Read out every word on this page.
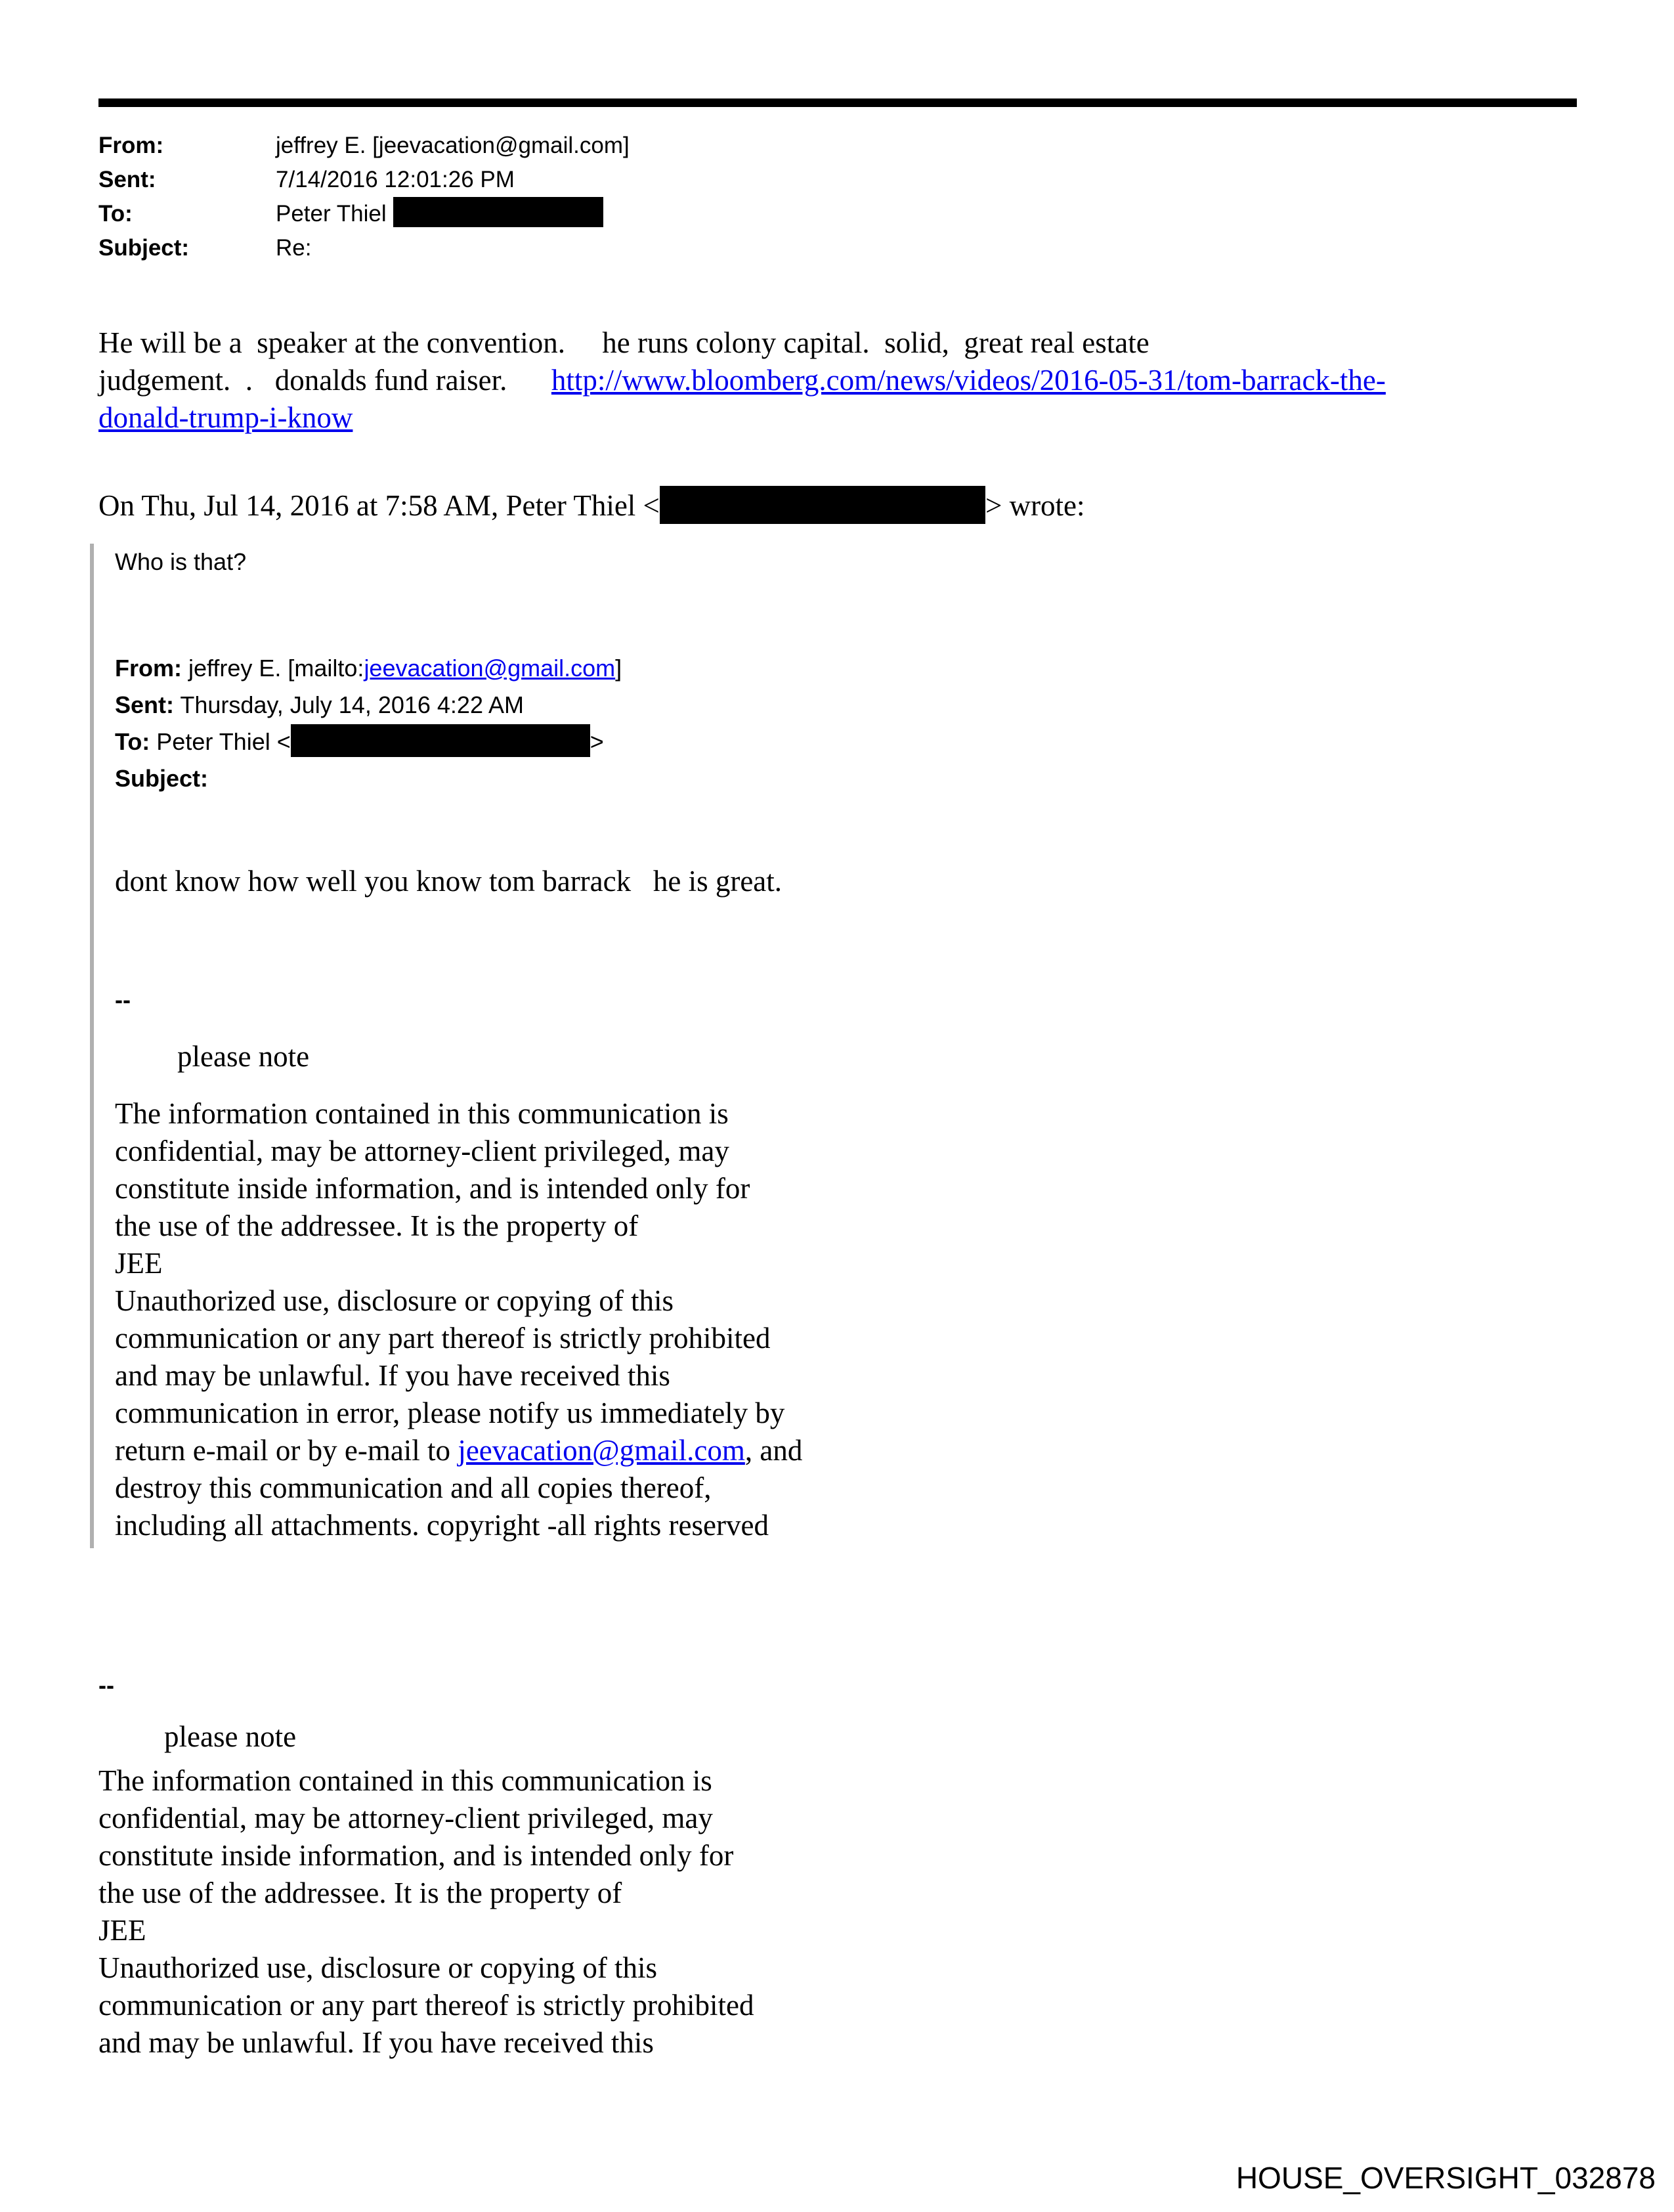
From:	jeffrey E. [jeevacation@gmail.com]
Sent:	7/14/2016 12:01:26 PM
To:	Peter Thiel
Subject:	Re:
He will be a  speaker at the convention.     he runs colony capital.  solid,  great real estate
judgement.  .   donalds fund raiser.      http://www.bloomberg.com/news/videos/2016-05-31/tom-barrack-the-
donald-trump-i-know
On Thu, Jul 14, 2016 at 7:58 AM, Peter Thiel <	> wrote:
Who is that?
From: jeffrey E. [mailto:jeevacation@gmail.com]
Sent: Thursday, July 14, 2016 4:22 AM
To: Peter Thiel <	>
Subject:
dont know how well you know tom barrack   he is great.
--
please note
The information contained in this communication is
confidential, may be attorney-client privileged, may
constitute inside information, and is intended only for
the use of the addressee. It is the property of
JEE
Unauthorized use, disclosure or copying of this
communication or any part thereof is strictly prohibited
and may be unlawful. If you have received this
communication in error, please notify us immediately by
return e-mail or by e-mail to jeevacation@gmail.com, and
destroy this communication and all copies thereof,
including all attachments. copyright -all rights reserved
--
please note
The information contained in this communication is
confidential, may be attorney-client privileged, may
constitute inside information, and is intended only for
the use of the addressee. It is the property of
JEE
Unauthorized use, disclosure or copying of this
communication or any part thereof is strictly prohibited
and may be unlawful. If you have received this
HOUSE_OVERSIGHT_032878
